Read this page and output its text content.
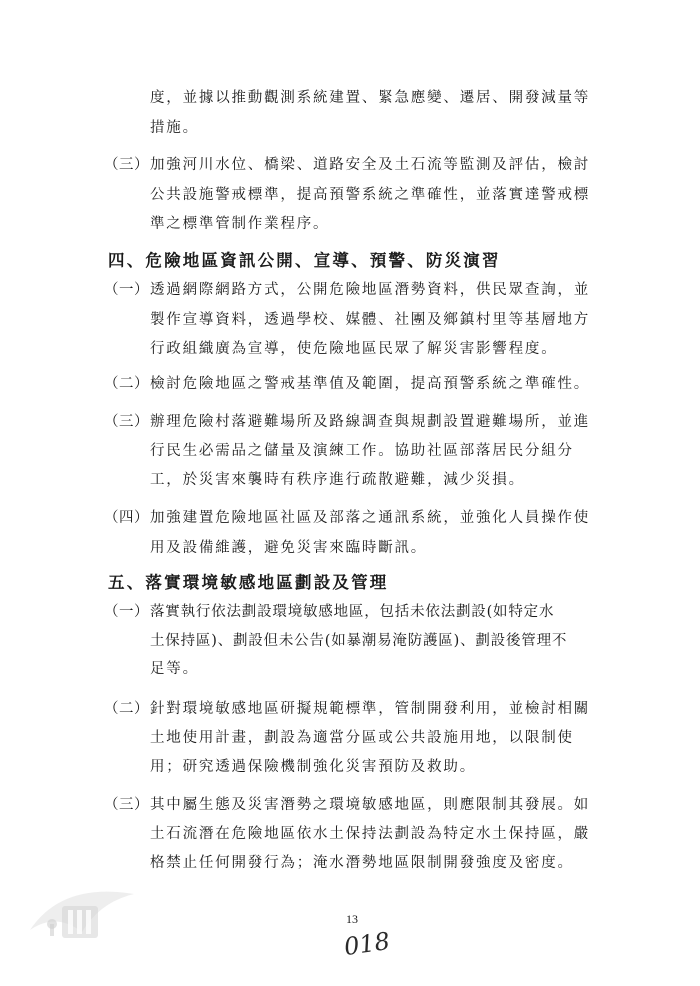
度，並據以推動觀測系統建置、緊急應變、遷居、開發減量等
措施。
（三） 加強河川水位、橋梁、道路安全及土石流等監測及評估，檢討
公共設施警戒標準，提高預警系統之準確性，並落實達警戒標
準之標準管制作業程序。
四、危險地區資訊公開、宣導、預警、防災演習
（一） 透過網際網路方式，公開危險地區潛勢資料，供民眾查詢，並
製作宣導資料，透過學校、媒體、社團及鄉鎮村里等基層地方
行政組織廣為宣導，使危險地區民眾了解災害影響程度。
（二） 檢討危險地區之警戒基準值及範圍，提高預警系統之準確性。
（三） 辦理危險村落避難場所及路線調查與規劃設置避難場所，並進
行民生必需品之儲量及演練工作。協助社區部落居民分組分
工，於災害來襲時有秩序進行疏散避難，減少災損。
（四） 加強建置危險地區社區及部落之通訊系統，並強化人員操作使
用及設備維護，避免災害來臨時斷訊。
五、落實環境敏感地區劃設及管理
（一） 落實執行依法劃設環境敏感地區，包括未依法劃設(如特定水
土保持區)、劃設但未公告(如暴潮易淹防護區)、劃設後管理不
足等。
（二） 針對環境敏感地區研擬規範標準，管制開發利用，並檢討相關
土地使用計畫，劃設為適當分區或公共設施用地，以限制使
用；研究透過保險機制強化災害預防及救助。
（三） 其中屬生態及災害潛勢之環境敏感地區，則應限制其發展。如
土石流潛在危險地區依水土保持法劃設為特定水土保持區，嚴
格禁止任何開發行為；淹水潛勢地區限制開發強度及密度。
13
018
